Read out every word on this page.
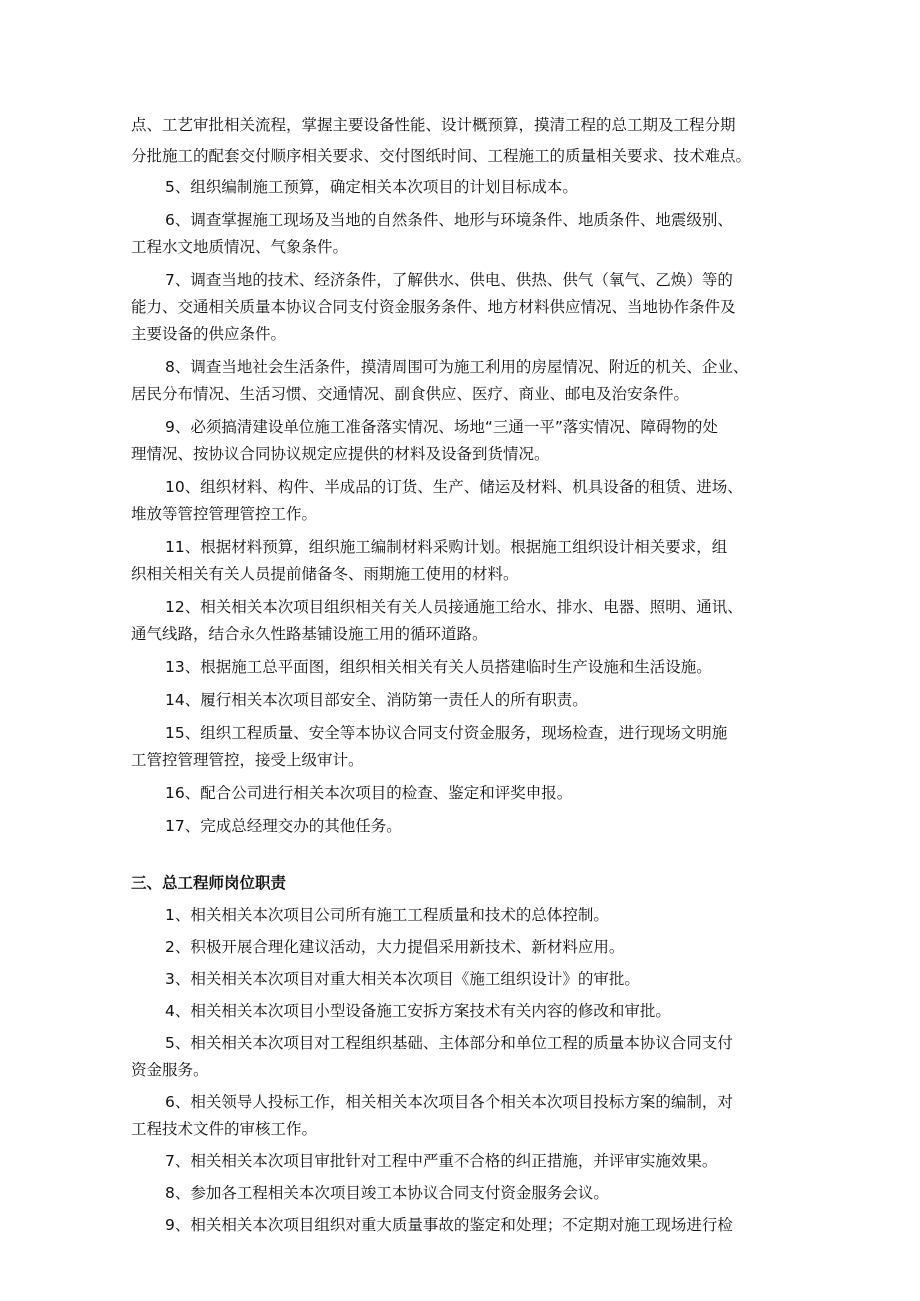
点、工艺审批相关流程，掌握主要设备性能、设计概预算，摸清工程的总工期及工程分期
分批施工的配套交付顺序相关要求、交付图纸时间、工程施工的质量相关要求、技术难点。
5、组织编制施工预算，确定相关本次项目的计划目标成本。
6、调查掌握施工现场及当地的自然条件、地形与环境条件、地质条件、地震级别、
工程水文地质情况、气象条件。
7、调查当地的技术、经济条件，了解供水、供电、供热、供气（氧气、乙焕）等的
能力、交通相关质量本协议合同支付资金服务条件、地方材料供应情况、当地协作条件及
主要设备的供应条件。
8、调查当地社会生活条件，摸清周围可为施工利用的房屋情况、附近的机关、企业、
居民分布情况、生活习惯、交通情况、副食供应、医疗、商业、邮电及治安条件。
9、必须搞清建设单位施工准备落实情况、场地“三通一平”落实情况、障碍物的处
理情况、按协议合同协议规定应提供的材料及设备到货情况。
10、组织材料、构件、半成品的订货、生产、储运及材料、机具设备的租赁、进场、
堆放等管控管理管控工作。
11、根据材料预算，组织施工编制材料采购计划。根据施工组织设计相关要求，组
织相关相关有关人员提前储备冬、雨期施工使用的材料。
12、相关相关本次项目组织相关有关人员接通施工给水、排水、电器、照明、通讯、
通气线路，结合永久性路基铺设施工用的循环道路。
13、根据施工总平面图，组织相关相关有关人员搭建临时生产设施和生活设施。
14、履行相关本次项目部安全、消防第一责任人的所有职责。
15、组织工程质量、安全等本协议合同支付资金服务，现场检查，进行现场文明施
工管控管理管控，接受上级审计。
16、配合公司进行相关本次项目的检查、鉴定和评奖申报。
17、完成总经理交办的其他任务。
三、总工程师岗位职责
1、相关相关本次项目公司所有施工工程质量和技术的总体控制。
2、积极开展合理化建议活动，大力提倡采用新技术、新材料应用。
3、相关相关本次项目对重大相关本次项目《施工组织设计》的审批。
4、相关相关本次项目小型设备施工安拆方案技术有关内容的修改和审批。
5、相关相关本次项目对工程组织基础、主体部分和单位工程的质量本协议合同支付
资金服务。
6、相关领导人投标工作，相关相关本次项目各个相关本次项目投标方案的编制，对
工程技术文件的审核工作。
7、相关相关本次项目审批针对工程中严重不合格的纠正措施，并评审实施效果。
8、参加各工程相关本次项目竣工本协议合同支付资金服务会议。
9、相关相关本次项目组织对重大质量事故的鉴定和处理；不定期对施工现场进行检
